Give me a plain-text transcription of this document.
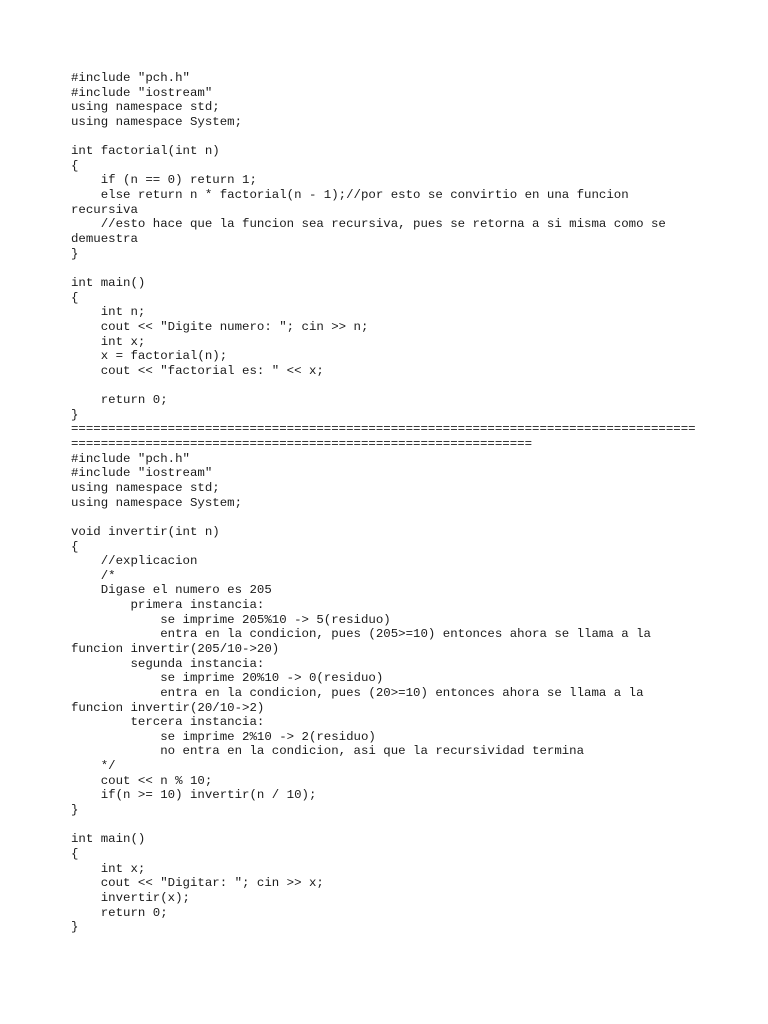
#include "pch.h"
#include "iostream"
using namespace std;
using namespace System;
int factorial(int n)
{
if (n == 0) return 1;
else return n * factorial(n - 1);//por esto se convirtio en una funcion
recursiva
//esto hace que la funcion sea recursiva, pues se retorna a si misma como se
demuestra
}
int main()
{
int n;
cout << "Digite numero: "; cin >> n;
int x;
x = factorial(n);
cout << "factorial es: " << x;
return 0;
}
====================================================================================
==============================================================
#include "pch.h"
#include "iostream"
using namespace std;
using namespace System;
void invertir(int n)
{
//explicacion
/*
Digase el numero es 205
primera instancia:
se imprime 205%10 -> 5(residuo)
entra en la condicion, pues (205>=10) entonces ahora se llama a la
funcion invertir(205/10->20)
segunda instancia:
se imprime 20%10 -> 0(residuo)
entra en la condicion, pues (20>=10) entonces ahora se llama a la
funcion invertir(20/10->2)
tercera instancia:
se imprime 2%10 -> 2(residuo)
no entra en la condicion, asi que la recursividad termina
*/
cout << n % 10;
if(n >= 10) invertir(n / 10);
}
int main()
{
int x;
cout << "Digitar: "; cin >> x;
invertir(x);
return 0;
}
